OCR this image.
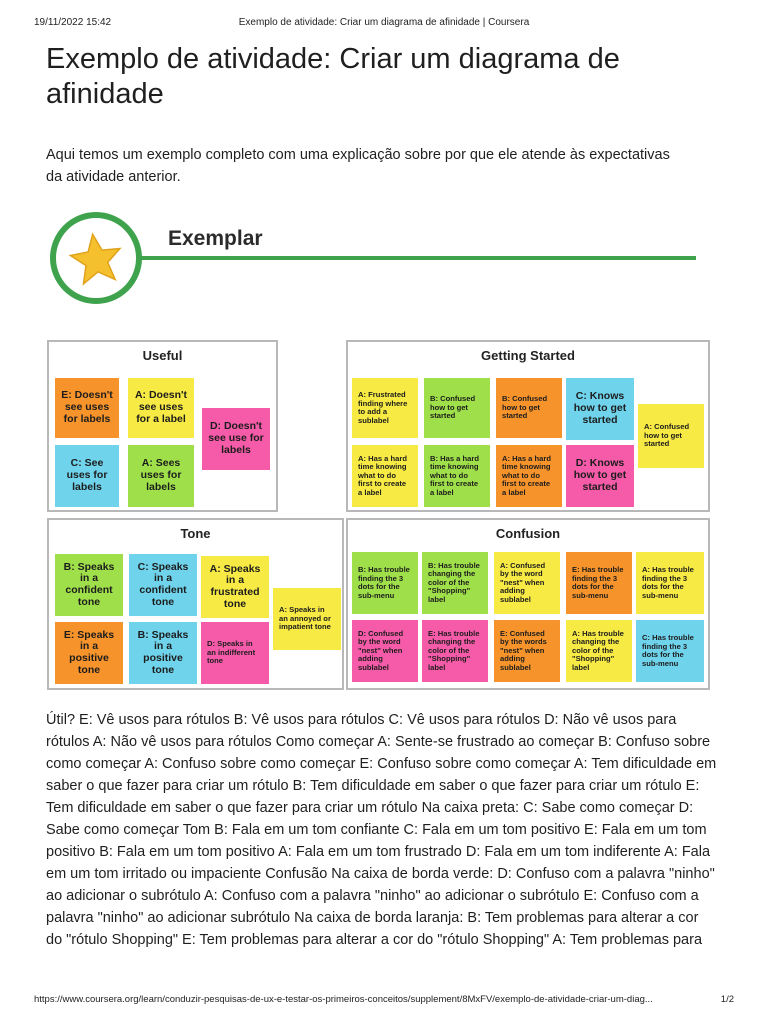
19/11/2022 15:42	Exemplo de atividade: Criar um diagrama de afinidade | Coursera
Exemplo de atividade: Criar um diagrama de afinidade

Aqui temos um exemplo completo com uma explicação sobre por que ele atende às expectativas da atividade anterior.

Exemplar
Useful
E: Doesn't see uses for labels
A: Doesn't see uses for a label
D: Doesn't see use for labels
C: See uses for labels
A: Sees uses for labels
Getting Started
A: Frustrated finding where to add a sublabel
B: Confused how to get started
B: Confused how to get started
C: Knows how to get started
A: Confused how to get started
A: Has a hard time knowing what to do first to create a label
B: Has a hard time knowing what to do first to create a label
A: Has a hard time knowing what to do first to create a label
D: Knows how to get started
Tone
B: Speaks in a confident tone
C: Speaks in a confident tone
A: Speaks in a frustrated tone	A: Speaks in an annoyed or impatient tone
E: Speaks in a positive tone
B: Speaks in a positive tone
D: Speaks in an indifferent tone
Confusion
B: Has trouble finding the 3 dots for the sub-menu
B: Has trouble changing the color of the "Shopping" label
A: Confused by the word "nest" when adding sublabel
E: Has trouble finding the 3 dots for the sub-menu
A: Has trouble finding the 3 dots for the sub-menu
D: Confused by the word "nest" when adding sublabel
E: Has trouble changing the color of the "Shopping" label
E: Confused by the words "nest" when adding sublabel
A: Has trouble changing the color of the "Shopping" label
C: Has trouble finding the 3 dots for the sub-menu

Útil? E: Vê usos para rótulos B: Vê usos para rótulos C: Vê usos para rótulos D: Não vê usos para rótulos A: Não vê usos para rótulos Como começar A: Sente-se frustrado ao começar B: Confuso sobre como começar A: Confuso sobre como começar E: Confuso sobre como começar A: Tem dificuldade em saber o que fazer para criar um rótulo B: Tem dificuldade em saber o que fazer para criar um rótulo E: Tem dificuldade em saber o que fazer para criar um rótulo Na caixa preta: C: Sabe como começar D: Sabe como começar Tom B: Fala em um tom confiante C: Fala em um tom positivo E: Fala em um tom positivo B: Fala em um tom positivo A: Fala em um tom frustrado D: Fala em um tom indiferente A: Fala em um tom irritado ou impaciente Confusão Na caixa de borda verde: D: Confuso com a palavra "ninho" ao adicionar o subrótulo A: Confuso com a palavra "ninho" ao adicionar o subrótulo E: Confuso com a palavra "ninho" ao adicionar subrótulo Na caixa de borda laranja: B: Tem problemas para alterar a cor do "rótulo Shopping" E: Tem problemas para alterar a cor do "rótulo Shopping" A: Tem problemas para

https://www.coursera.org/learn/conduzir-pesquisas-de-ux-e-testar-os-primeiros-conceitos/supplement/8MxFV/exemplo-de-atividade-criar-um-diag...	1/2
